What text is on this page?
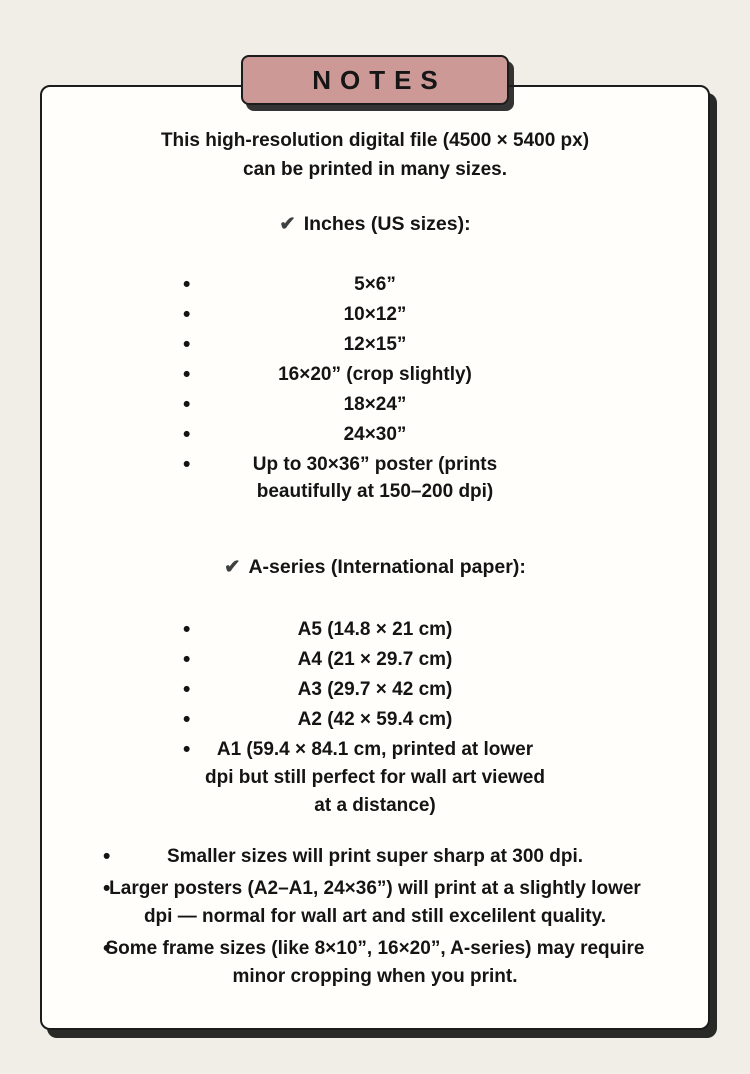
NOTES

This high-resolution digital file (4500 × 5400 px) can be printed in many sizes.

✔ Inches (US sizes):
5×6”
10×12”
12×15”
16×20” (crop slightly)
18×24”
24×30”
Up to 30×36” poster (prints beautifully at 150–200 dpi)
✔ A-series (International paper):
A5 (14.8 × 21 cm)
A4 (21 × 29.7 cm)
A3 (29.7 × 42 cm)
A2 (42 × 59.4 cm)
A1 (59.4 × 84.1 cm, printed at lower dpi but still perfect for wall art viewed at a distance)
Smaller sizes will print super sharp at 300 dpi.
Larger posters (A2–A1, 24×36”) will print at a slightly lower dpi — normal for wall art and still excelilent quality.
Some frame sizes (like 8×10”, 16×20”, A-series) may require minor cropping when you print.
